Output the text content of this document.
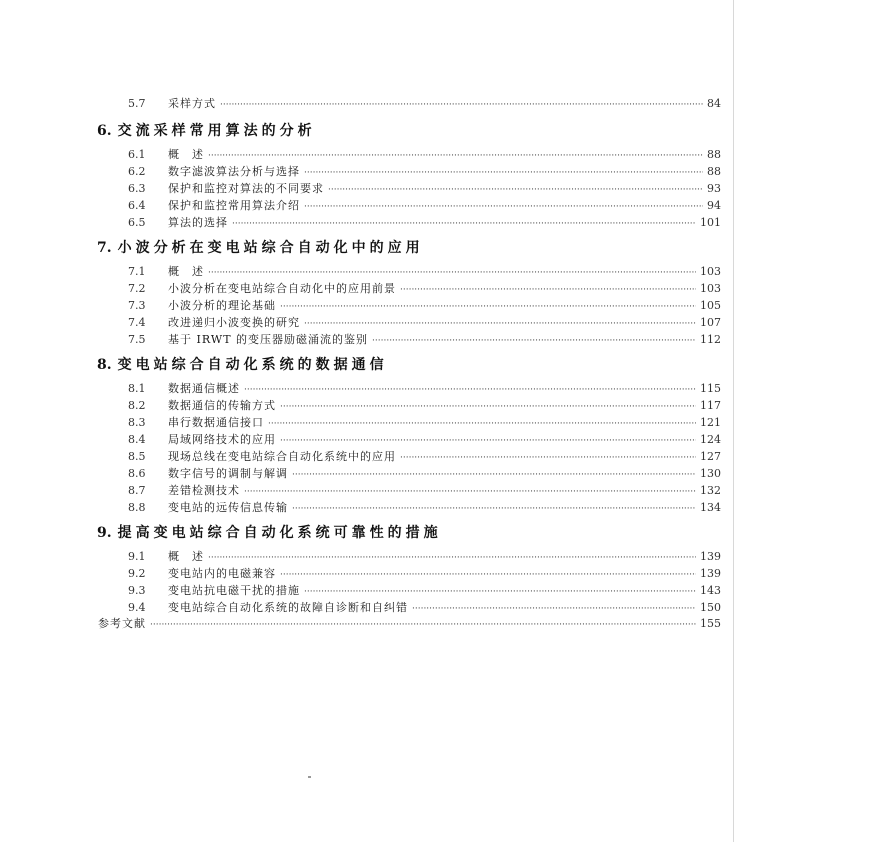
5.7	采样方式 ·····	84
6. 交流采样常用算法的分析
6.1	概　述 ·····	88
6.2	数字滤波算法分析与选择 ·····	88
6.3	保护和监控对算法的不同要求 ·····	93
6.4	保护和监控常用算法介绍 ·····	94
6.5	算法的选择 ·····	101
7. 小波分析在变电站综合自动化中的应用
7.1	概　述 ·····	103
7.2	小波分析在变电站综合自动化中的应用前景 ·····	103
7.3	小波分析的理论基础 ·····	105
7.4	改进递归小波变换的研究 ·····	107
7.5	基于 IRWT 的变压器励磁涌流的鉴别 ·····	112
8. 变电站综合自动化系统的数据通信
8.1	数据通信概述 ·····	115
8.2	数据通信的传输方式 ·····	117
8.3	串行数据通信接口 ·····	121
8.4	局域网络技术的应用 ·····	124
8.5	现场总线在变电站综合自动化系统中的应用 ·····	127
8.6	数字信号的调制与解调 ·····	130
8.7	差错检测技术 ·····	132
8.8	变电站的远传信息传输 ·····	134
9. 提高变电站综合自动化系统可靠性的措施
9.1	概　述 ·····	139
9.2	变电站内的电磁兼容 ·····	139
9.3	变电站抗电磁干扰的措施 ·····	143
9.4	变电站综合自动化系统的故障自诊断和自纠错 ·····	150
参考文献 ·····	155
